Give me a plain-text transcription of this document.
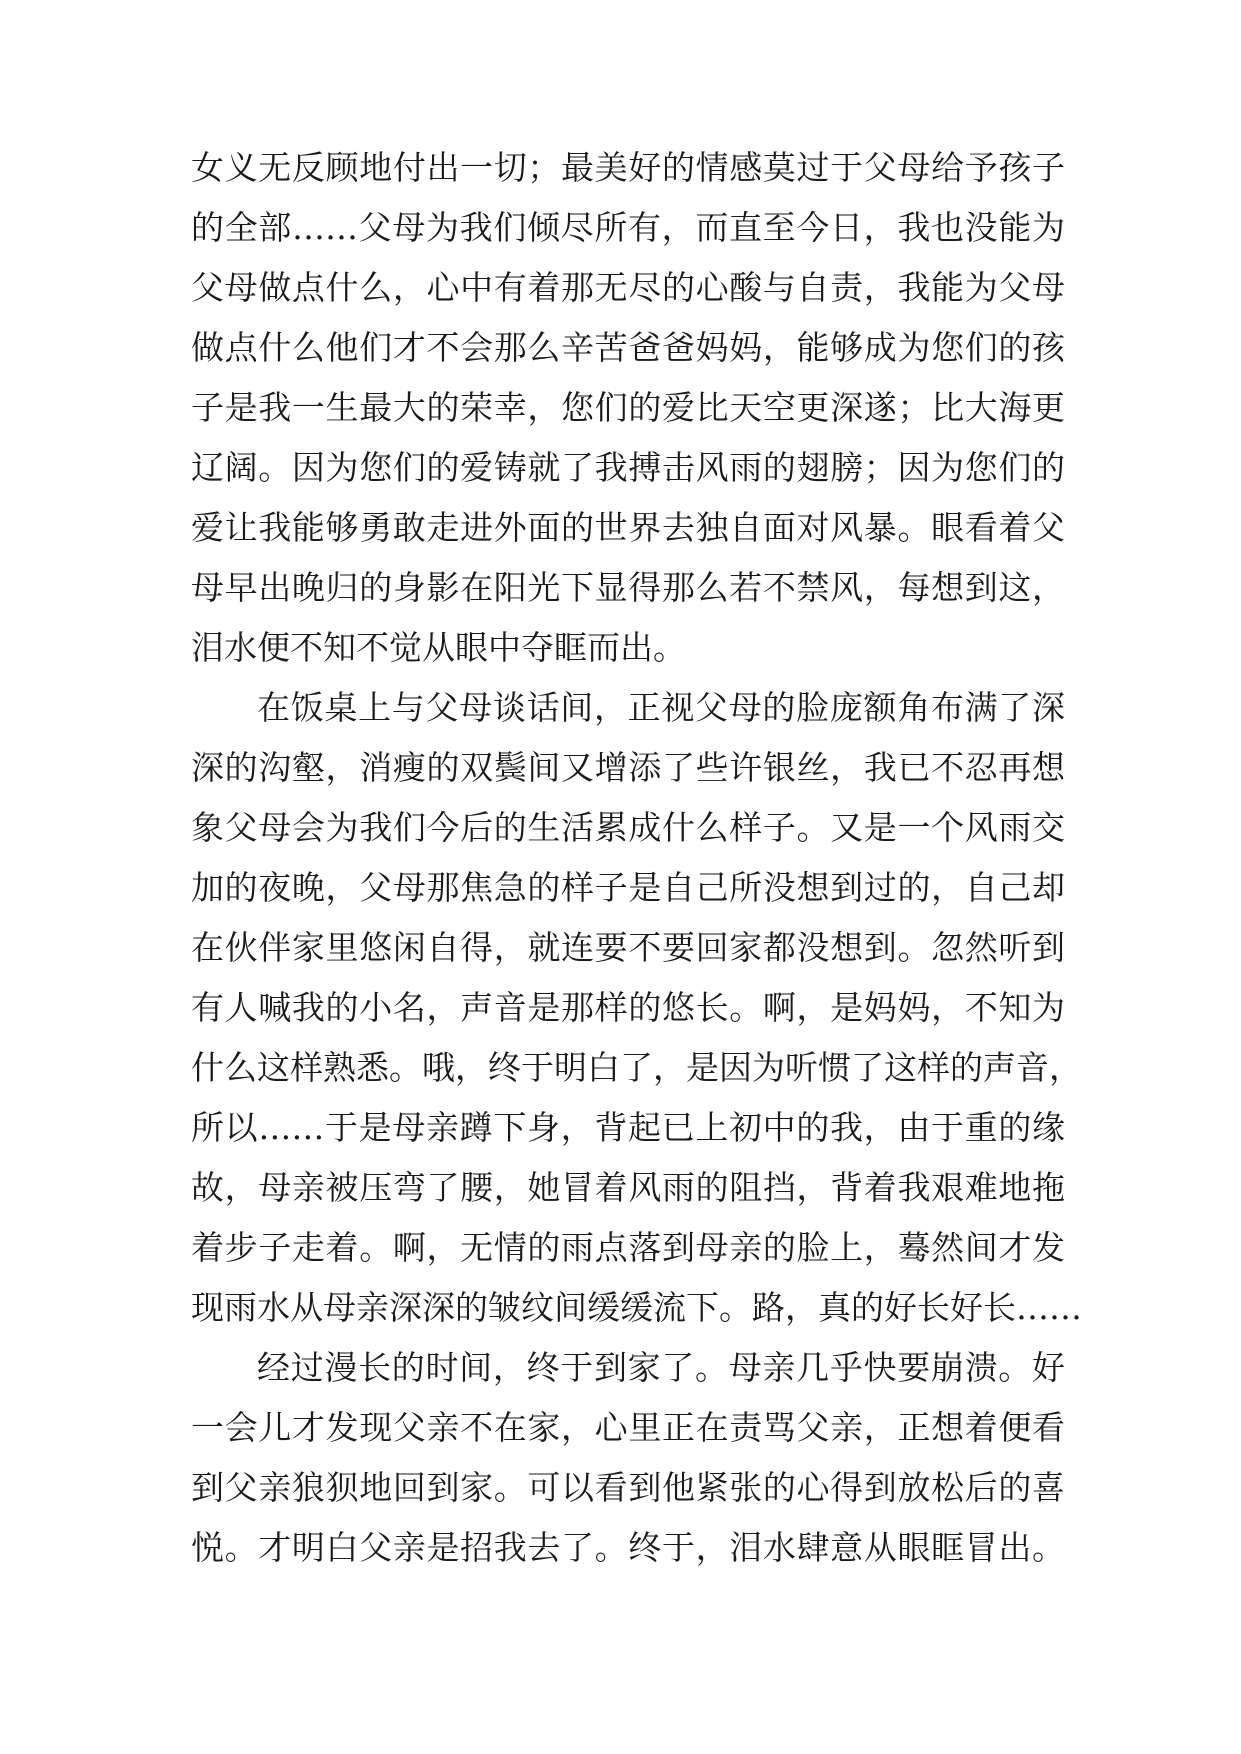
女义无反顾地付出一切；最美好的情感莫过于父母给予孩子
的全部……父母为我们倾尽所有，而直至今日，我也没能为
父母做点什么，心中有着那无尽的心酸与自责，我能为父母
做点什么他们才不会那么辛苦爸爸妈妈，能够成为您们的孩
子是我一生最大的荣幸，您们的爱比天空更深遂；比大海更
辽阔。因为您们的爱铸就了我搏击风雨的翅膀；因为您们的
爱让我能够勇敢走进外面的世界去独自面对风暴。眼看着父
母早出晚归的身影在阳光下显得那么若不禁风，每想到这，
泪水便不知不觉从眼中夺眶而出。
在饭桌上与父母谈话间，正视父母的脸庞额角布满了深
深的沟壑，消瘦的双鬓间又增添了些许银丝，我已不忍再想
象父母会为我们今后的生活累成什么样子。又是一个风雨交
加的夜晚，父母那焦急的样子是自己所没想到过的，自己却
在伙伴家里悠闲自得，就连要不要回家都没想到。忽然听到
有人喊我的小名，声音是那样的悠长。啊，是妈妈，不知为
什么这样熟悉。哦，终于明白了，是因为听惯了这样的声音，
所以……于是母亲蹲下身，背起已上初中的我，由于重的缘
故，母亲被压弯了腰，她冒着风雨的阻挡，背着我艰难地拖
着步子走着。啊，无情的雨点落到母亲的脸上，蓦然间才发
现雨水从母亲深深的皱纹间缓缓流下。路，真的好长好长……
经过漫长的时间，终于到家了。母亲几乎快要崩溃。好
一会儿才发现父亲不在家，心里正在责骂父亲，正想着便看
到父亲狼狈地回到家。可以看到他紧张的心得到放松后的喜
悦。才明白父亲是招我去了。终于，泪水肆意从眼眶冒出。
